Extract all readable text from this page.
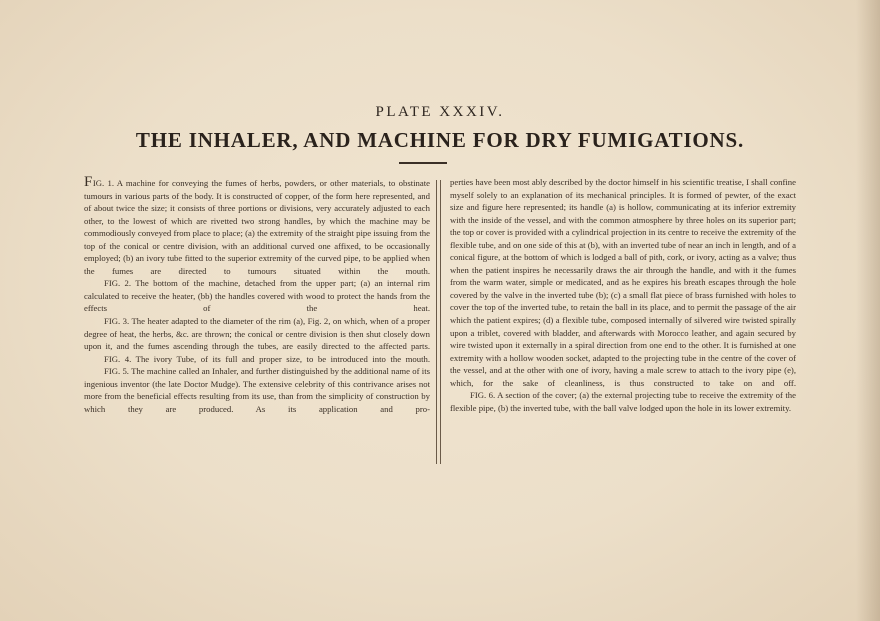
PLATE XXXIV.
THE INHALER, AND MACHINE FOR DRY FUMIGATIONS.

FIG. 1. A machine for conveying the fumes of herbs, powders, or other materials, to obstinate tumours in various parts of the body. It is constructed of copper, of the form here represented, and of about twice the size; it consists of three portions or divisions, very accurately adjusted to each other, to the lowest of which are rivetted two strong handles, by which the machine may be commodiously conveyed from place to place; (a) the extremity of the straight pipe issuing from the top of the conical or centre division, with an additional curved one affixed, to be occasionally employed; (b) an ivory tube fitted to the superior extremity of the curved pipe, to be applied when the fumes are directed to tumours situated within the mouth.

FIG. 2. The bottom of the machine, detached from the upper part; (a) an internal rim calculated to receive the heater, (bb) the handles covered with wood to protect the hands from the effects of the heat.

FIG. 3. The heater adapted to the diameter of the rim (a), Fig. 2, on which, when of a proper degree of heat, the herbs, &c. are thrown; the conical or centre division is then shut closely down upon it, and the fumes ascending through the tubes, are easily directed to the affected parts.

FIG. 4. The ivory Tube, of its full and proper size, to be introduced into the mouth.

FIG. 5. The machine called an Inhaler, and further distinguished by the additional name of its ingenious inventor (the late Doctor Mudge). The extensive celebrity of this contrivance arises not more from the beneficial effects resulting from its use, than from the simplicity of construction by which they are produced. As its application and pro-

perties have been most ably described by the doctor himself in his scientific treatise, I shall confine myself solely to an explanation of its mechanical principles. It is formed of pewter, of the exact size and figure here represented; its handle (a) is hollow, communicating at its inferior extremity with the inside of the vessel, and with the common atmosphere by three holes on its superior part; the top or cover is provided with a cylindrical projection in its centre to receive the extremity of the flexible tube, and on one side of this at (b), with an inverted tube of near an inch in length, and of a conical figure, at the bottom of which is lodged a ball of pith, cork, or ivory, acting as a valve; thus when the patient inspires he necessarily draws the air through the handle, and with it the fumes from the warm water, simple or medicated, and as he expires his breath escapes through the hole covered by the valve in the inverted tube (b); (c) a small flat piece of brass furnished with holes to cover the top of the inverted tube, to retain the ball in its place, and to permit the passage of the air which the patient expires; (d) a flexible tube, composed internally of silvered wire twisted spirally upon a triblet, covered with bladder, and afterwards with Morocco leather, and again secured by wire twisted upon it externally in a spiral direction from one end to the other. It is furnished at one extremity with a hollow wooden socket, adapted to the projecting tube in the centre of the cover of the vessel, and at the other with one of ivory, having a male screw to attach to the ivory pipe (e), which, for the sake of cleanliness, is thus constructed to take on and off.

FIG. 6. A section of the cover; (a) the external projecting tube to receive the extremity of the flexible pipe, (b) the inverted tube, with the ball valve lodged upon the hole in its lower extremity.
